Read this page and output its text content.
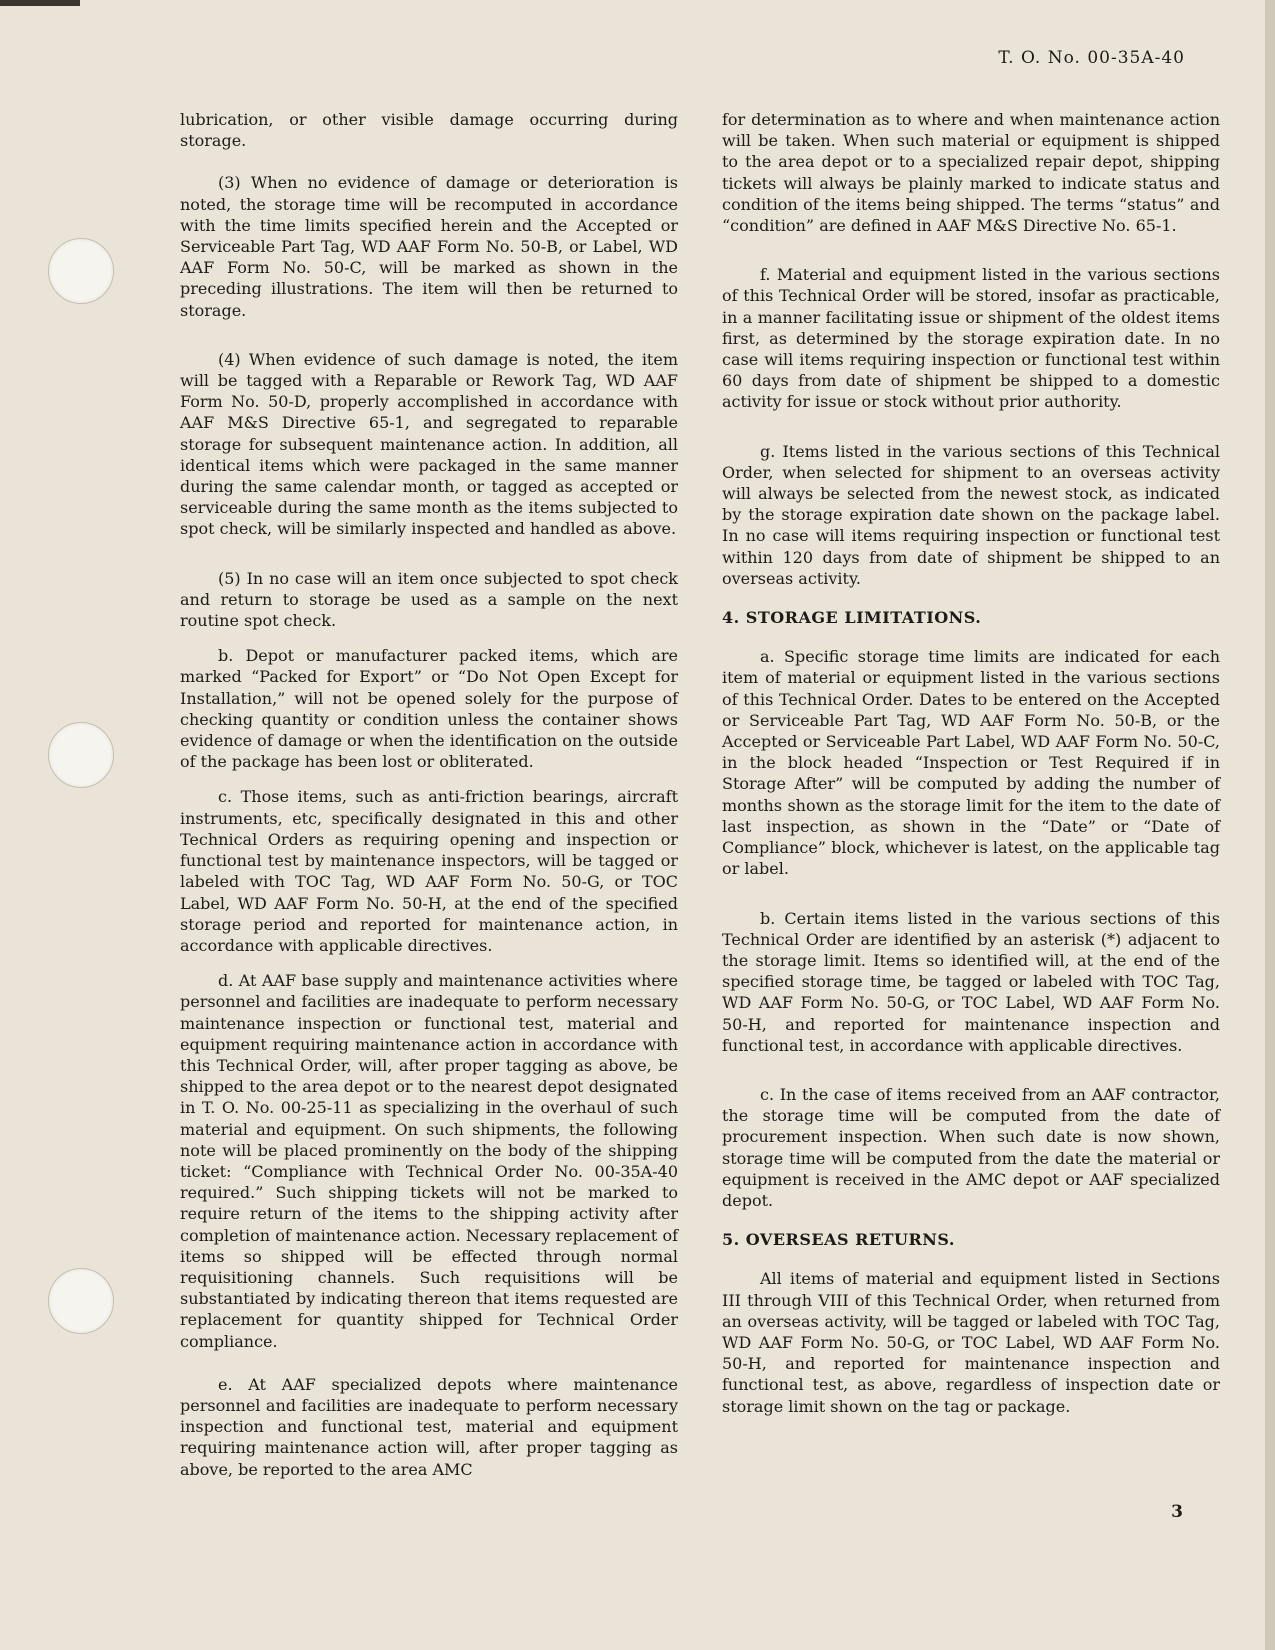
T. O. No. 00-35A-40

lubrication, or other visible damage occurring during storage.

(3) When no evidence of damage or deterioration is noted, the storage time will be recomputed in accordance with the time limits specified herein and the Accepted or Serviceable Part Tag, WD AAF Form No. 50-B, or Label, WD AAF Form No. 50-C, will be marked as shown in the preceding illustrations. The item will then be returned to storage.

(4) When evidence of such damage is noted, the item will be tagged with a Reparable or Rework Tag, WD AAF Form No. 50-D, properly accomplished in accordance with AAF M&S Directive 65-1, and segregated to reparable storage for subsequent maintenance action. In addition, all identical items which were packaged in the same manner during the same calendar month, or tagged as accepted or serviceable during the same month as the items subjected to spot check, will be similarly inspected and handled as above.

(5) In no case will an item once subjected to spot check and return to storage be used as a sample on the next routine spot check.

b. Depot or manufacturer packed items, which are marked “Packed for Export” or “Do Not Open Except for Installation,” will not be opened solely for the purpose of checking quantity or condition unless the container shows evidence of damage or when the identification on the outside of the package has been lost or obliterated.

c. Those items, such as anti-friction bearings, aircraft instruments, etc, specifically designated in this and other Technical Orders as requiring opening and inspection or functional test by maintenance inspectors, will be tagged or labeled with TOC Tag, WD AAF Form No. 50-G, or TOC Label, WD AAF Form No. 50-H, at the end of the specified storage period and reported for maintenance action, in accordance with applicable directives.

d. At AAF base supply and maintenance activities where personnel and facilities are inadequate to perform necessary maintenance inspection or functional test, material and equipment requiring maintenance action in accordance with this Technical Order, will, after proper tagging as above, be shipped to the area depot or to the nearest depot designated in T. O. No. 00-25-11 as specializing in the overhaul of such material and equipment. On such shipments, the following note will be placed prominently on the body of the shipping ticket: “Compliance with Technical Order No. 00-35A-40 required.” Such shipping tickets will not be marked to require return of the items to the shipping activity after completion of maintenance action. Necessary replacement of items so shipped will be effected through normal requisitioning channels. Such requisitions will be substantiated by indicating thereon that items requested are replacement for quantity shipped for Technical Order compliance.

e. At AAF specialized depots where maintenance personnel and facilities are inadequate to perform necessary inspection and functional test, material and equipment requiring maintenance action will, after proper tagging as above, be reported to the area AMC

for determination as to where and when maintenance action will be taken. When such material or equipment is shipped to the area depot or to a specialized repair depot, shipping tickets will always be plainly marked to indicate status and condition of the items being shipped. The terms “status” and “condition” are defined in AAF M&S Directive No. 65-1.

f. Material and equipment listed in the various sections of this Technical Order will be stored, insofar as practicable, in a manner facilitating issue or shipment of the oldest items first, as determined by the storage expiration date. In no case will items requiring inspection or functional test within 60 days from date of shipment be shipped to a domestic activity for issue or stock without prior authority.

g. Items listed in the various sections of this Technical Order, when selected for shipment to an overseas activity will always be selected from the newest stock, as indicated by the storage expiration date shown on the package label. In no case will items requiring inspection or functional test within 120 days from date of shipment be shipped to an overseas activity.

4. STORAGE LIMITATIONS.

a. Specific storage time limits are indicated for each item of material or equipment listed in the various sections of this Technical Order. Dates to be entered on the Accepted or Serviceable Part Tag, WD AAF Form No. 50-B, or the Accepted or Serviceable Part Label, WD AAF Form No. 50-C, in the block headed “Inspection or Test Required if in Storage After” will be computed by adding the number of months shown as the storage limit for the item to the date of last inspection, as shown in the “Date” or “Date of Compliance” block, whichever is latest, on the applicable tag or label.

b. Certain items listed in the various sections of this Technical Order are identified by an asterisk (*) adjacent to the storage limit. Items so identified will, at the end of the specified storage time, be tagged or labeled with TOC Tag, WD AAF Form No. 50-G, or TOC Label, WD AAF Form No. 50-H, and reported for maintenance inspection and functional test, in accordance with applicable directives.

c. In the case of items received from an AAF contractor, the storage time will be computed from the date of procurement inspection. When such date is now shown, storage time will be computed from the date the material or equipment is received in the AMC depot or AAF specialized depot.

5. OVERSEAS RETURNS.

All items of material and equipment listed in Sections III through VIII of this Technical Order, when returned from an overseas activity, will be tagged or labeled with TOC Tag, WD AAF Form No. 50-G, or TOC Label, WD AAF Form No. 50-H, and reported for maintenance inspection and functional test, as above, regardless of inspection date or storage limit shown on the tag or package.

3
